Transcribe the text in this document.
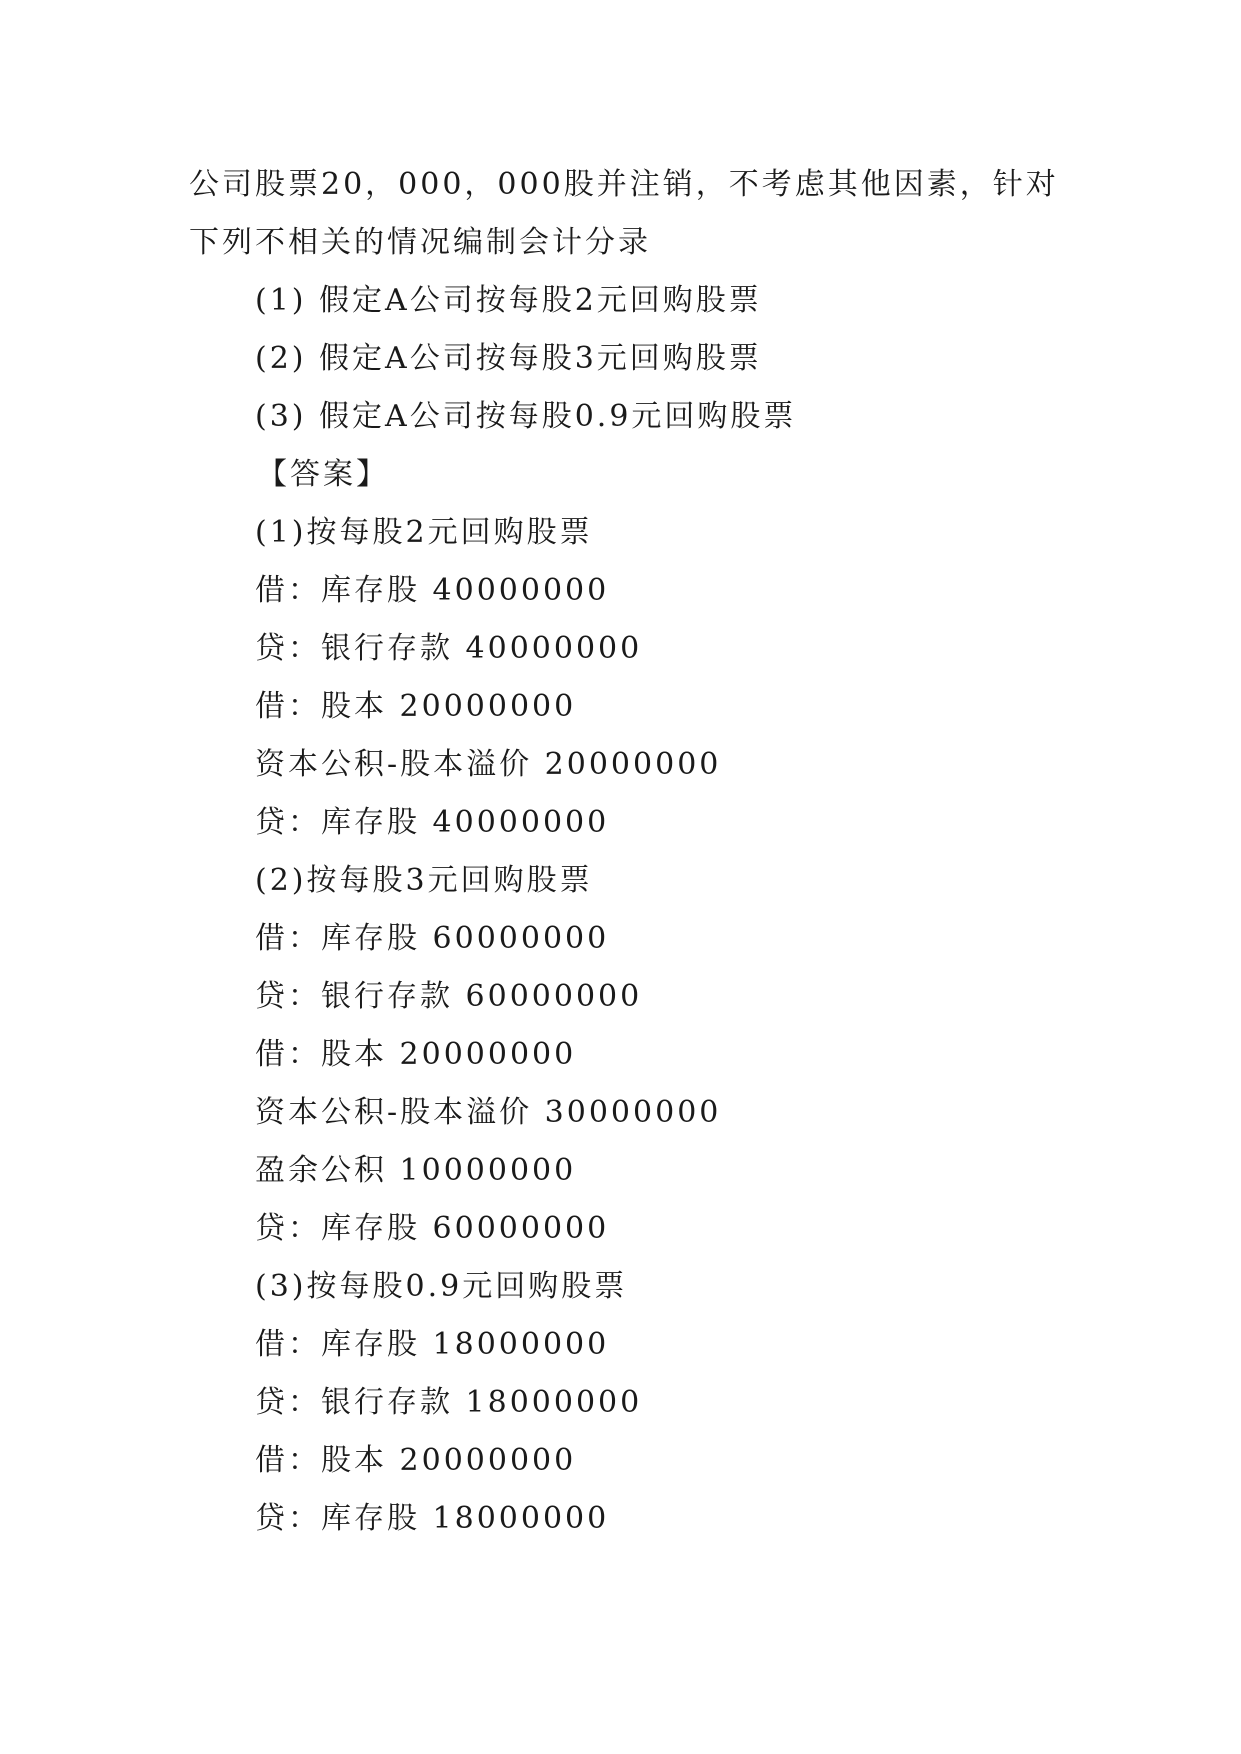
公司股票20，000，000股并注销，不考虑其他因素，针对
下列不相关的情况编制会计分录
(1) 假定A公司按每股2元回购股票
(2) 假定A公司按每股3元回购股票
(3) 假定A公司按每股0.9元回购股票
【答案】
(1)按每股2元回购股票
借：库存股 40000000
贷：银行存款 40000000
借：股本 20000000
资本公积-股本溢价 20000000
贷：库存股 40000000
(2)按每股3元回购股票
借：库存股 60000000
贷：银行存款 60000000
借：股本 20000000
资本公积-股本溢价 30000000
盈余公积 10000000
贷：库存股 60000000
(3)按每股0.9元回购股票
借：库存股 18000000
贷：银行存款 18000000
借：股本 20000000
贷：库存股 18000000
